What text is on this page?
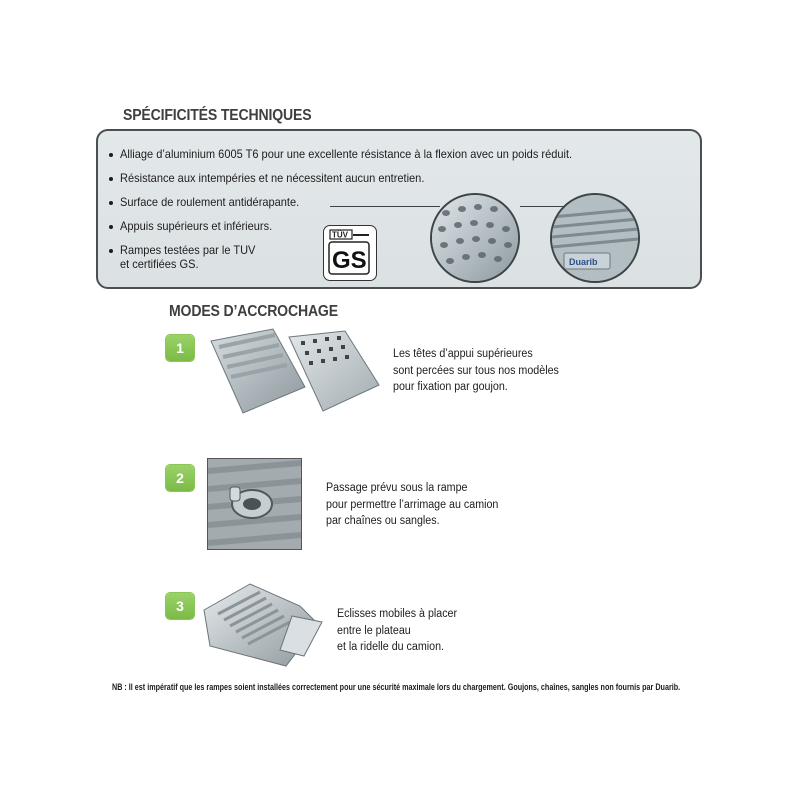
SPÉCIFICITÉS TECHNIQUES
Alliage d’aluminium 6005 T6 pour une excellente résistance à la flexion avec un poids réduit.
Résistance aux intempéries et ne nécessitent aucun entretien.
Surface de roulement antidérapante.
Appuis supérieurs et inférieurs.
Rampes testées par le TUV
et certifiées GS.
TÜV
GS	Duarib
MODES D’ACCROCHAGE
1	Les têtes d’appui supérieures
sont percées sur tous nos modèles
pour fixation par goujon.
2
Passage prévu sous la rampe
pour permettre l’arrimage au camion
par chaînes ou sangles.
3	Eclisses mobiles à placer
entre le plateau
et la ridelle du camion.
NB : Il est impératif que les rampes soient installées correctement pour une sécurité maximale lors du chargement. Goujons, chaînes, sangles non fournis par Duarib.
